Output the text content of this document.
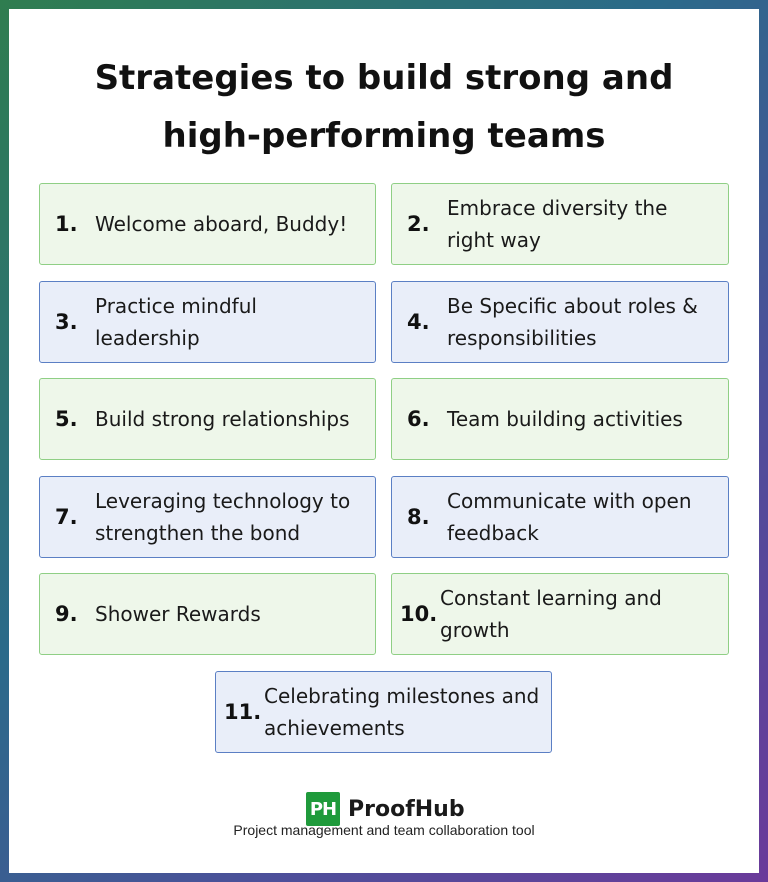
Strategies to build strong and
high-performing teams
1. Welcome aboard, Buddy!	2.
Embrace diversity the right way
3.
Practice mindful leadership
4.
Be Specific about roles & responsibilities
5. Build strong relationships	6. Team building activities
7.
Leveraging technology to strengthen the bond
8.
Communicate with open feedback
9. Shower Rewards	10.
Constant learning and growth
11.
Celebrating milestones and achievements
PH ProofHub
Project management and team collaboration tool
